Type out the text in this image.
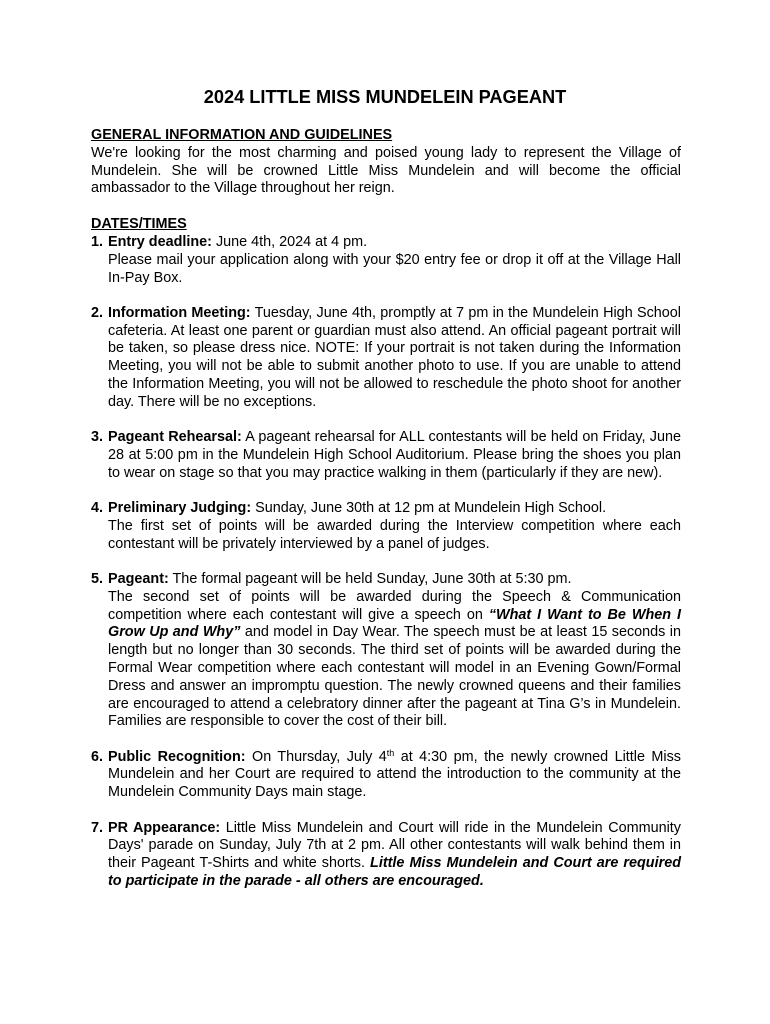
2024 LITTLE MISS MUNDELEIN PAGEANT
GENERAL INFORMATION AND GUIDELINES
We're looking for the most charming and poised young lady to represent the Village of Mundelein. She will be crowned Little Miss Mundelein and will become the official ambassador to the Village throughout her reign.
DATES/TIMES
1. Entry deadline: June 4th, 2024 at 4 pm.
Please mail your application along with your $20 entry fee or drop it off at the Village Hall In-Pay Box.
2. Information Meeting: Tuesday, June 4th, promptly at 7 pm in the Mundelein High School cafeteria. At least one parent or guardian must also attend. An official pageant portrait will be taken, so please dress nice. NOTE: If your portrait is not taken during the Information Meeting, you will not be able to submit another photo to use. If you are unable to attend the Information Meeting, you will not be allowed to reschedule the photo shoot for another day. There will be no exceptions.
3. Pageant Rehearsal: A pageant rehearsal for ALL contestants will be held on Friday, June 28 at 5:00 pm in the Mundelein High School Auditorium. Please bring the shoes you plan to wear on stage so that you may practice walking in them (particularly if they are new).
4. Preliminary Judging: Sunday, June 30th at 12 pm at Mundelein High School.
The first set of points will be awarded during the Interview competition where each contestant will be privately interviewed by a panel of judges.
5. Pageant: The formal pageant will be held Sunday, June 30th at 5:30 pm.
The second set of points will be awarded during the Speech & Communication competition where each contestant will give a speech on “What I Want to Be When I Grow Up and Why” and model in Day Wear. The speech must be at least 15 seconds in length but no longer than 30 seconds. The third set of points will be awarded during the Formal Wear competition where each contestant will model in an Evening Gown/Formal Dress and answer an impromptu question. The newly crowned queens and their families are encouraged to attend a celebratory dinner after the pageant at Tina G’s in Mundelein. Families are responsible to cover the cost of their bill.
6. Public Recognition: On Thursday, July 4th at 4:30 pm, the newly crowned Little Miss Mundelein and her Court are required to attend the introduction to the community at the Mundelein Community Days main stage.
7. PR Appearance: Little Miss Mundelein and Court will ride in the Mundelein Community Days' parade on Sunday, July 7th at 2 pm. All other contestants will walk behind them in their Pageant T-Shirts and white shorts. Little Miss Mundelein and Court are required to participate in the parade - all others are encouraged.
